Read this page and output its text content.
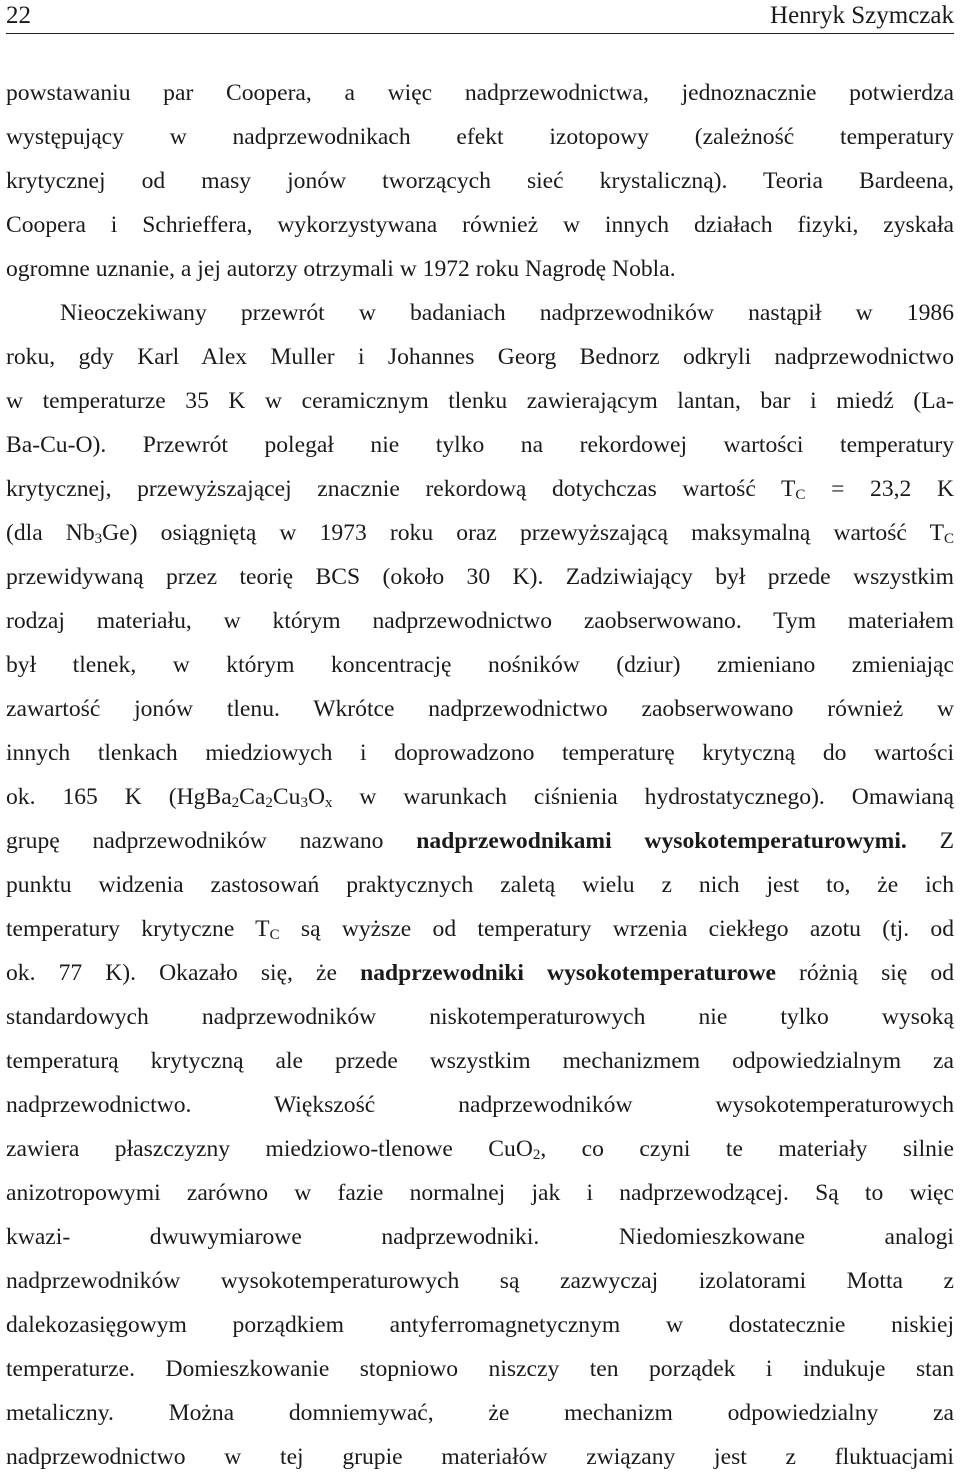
22	Henryk Szymczak
powstawaniu par Coopera, a więc nadprzewodnictwa, jednoznacznie potwierdza
występujący w nadprzewodnikach efekt izotopowy (zależność temperatury
krytycznej od masy jonów tworzących sieć krystaliczną). Teoria Bardeena,
Coopera i Schrieffera, wykorzystywana również w innych działach fizyki, zyskała
ogromne uznanie, a jej autorzy otrzymali w 1972 roku Nagrodę Nobla.
Nieoczekiwany przewrót w badaniach nadprzewodników nastąpił w 1986
roku, gdy Karl Alex Muller i Johannes Georg Bednorz odkryli nadprzewodnictwo
w temperaturze 35 K w ceramicznym tlenku zawierającym lantan, bar i miedź (La-
Ba-Cu-O). Przewrót polegał nie tylko na rekordowej wartości temperatury
krytycznej, przewyższającej znacznie rekordową dotychczas wartość $T_C = 23,2$ K
(dla $Nb_3Ge$) osiągniętą w 1973 roku oraz przewyższającą maksymalną wartość $T_C$
przewidywaną przez teorię BCS (około 30 K). Zadziwiający był przede wszystkim
rodzaj materiału, w którym nadprzewodnictwo zaobserwowano. Tym materiałem
był tlenek, w którym koncentrację nośników (dziur) zmieniano zmieniając
zawartość jonów tlenu. Wkrótce nadprzewodnictwo zaobserwowano również w
innych tlenkach miedziowych i doprowadzono temperaturę krytyczną do wartości
ok. 165 K ($HgBa_2Ca_2Cu_3O_x$ w warunkach ciśnienia hydrostatycznego). Omawianą
grupę nadprzewodników nazwano nadprzewodnikami wysokotemperaturowymi. Z
punktu widzenia zastosowań praktycznych zaletą wielu z nich jest to, że ich
temperatury krytyczne $T_C$ są wyższe od temperatury wrzenia ciekłego azotu (tj. od
ok. 77 K). Okazało się, że nadprzewodniki wysokotemperaturowe różnią się od
standardowych nadprzewodników niskotemperaturowych nie tylko wysoką
temperaturą krytyczną ale przede wszystkim mechanizmem odpowiedzialnym za
nadprzewodnictwo. Większość nadprzewodników wysokotemperaturowych
zawiera płaszczyzny miedziowo-tlenowe CuO$_2$, co czyni te materiały silnie
anizotropowymi zarówno w fazie normalnej jak i nadprzewodzącej. Są to więc
kwazi- dwuwymiarowe nadprzewodniki. Niedomieszkowane analogi
nadprzewodników wysokotemperaturowych są zazwyczaj izolatorami Motta z
dalekozasięgowym porządkiem antyferromagnetycznym w dostatecznie niskiej
temperaturze. Domieszkowanie stopniowo niszczy ten porządek i indukuje stan
metaliczny. Można domniemywać, że mechanizm odpowiedzialny za
nadprzewodnictwo w tej grupie materiałów związany jest z fluktuacjami
